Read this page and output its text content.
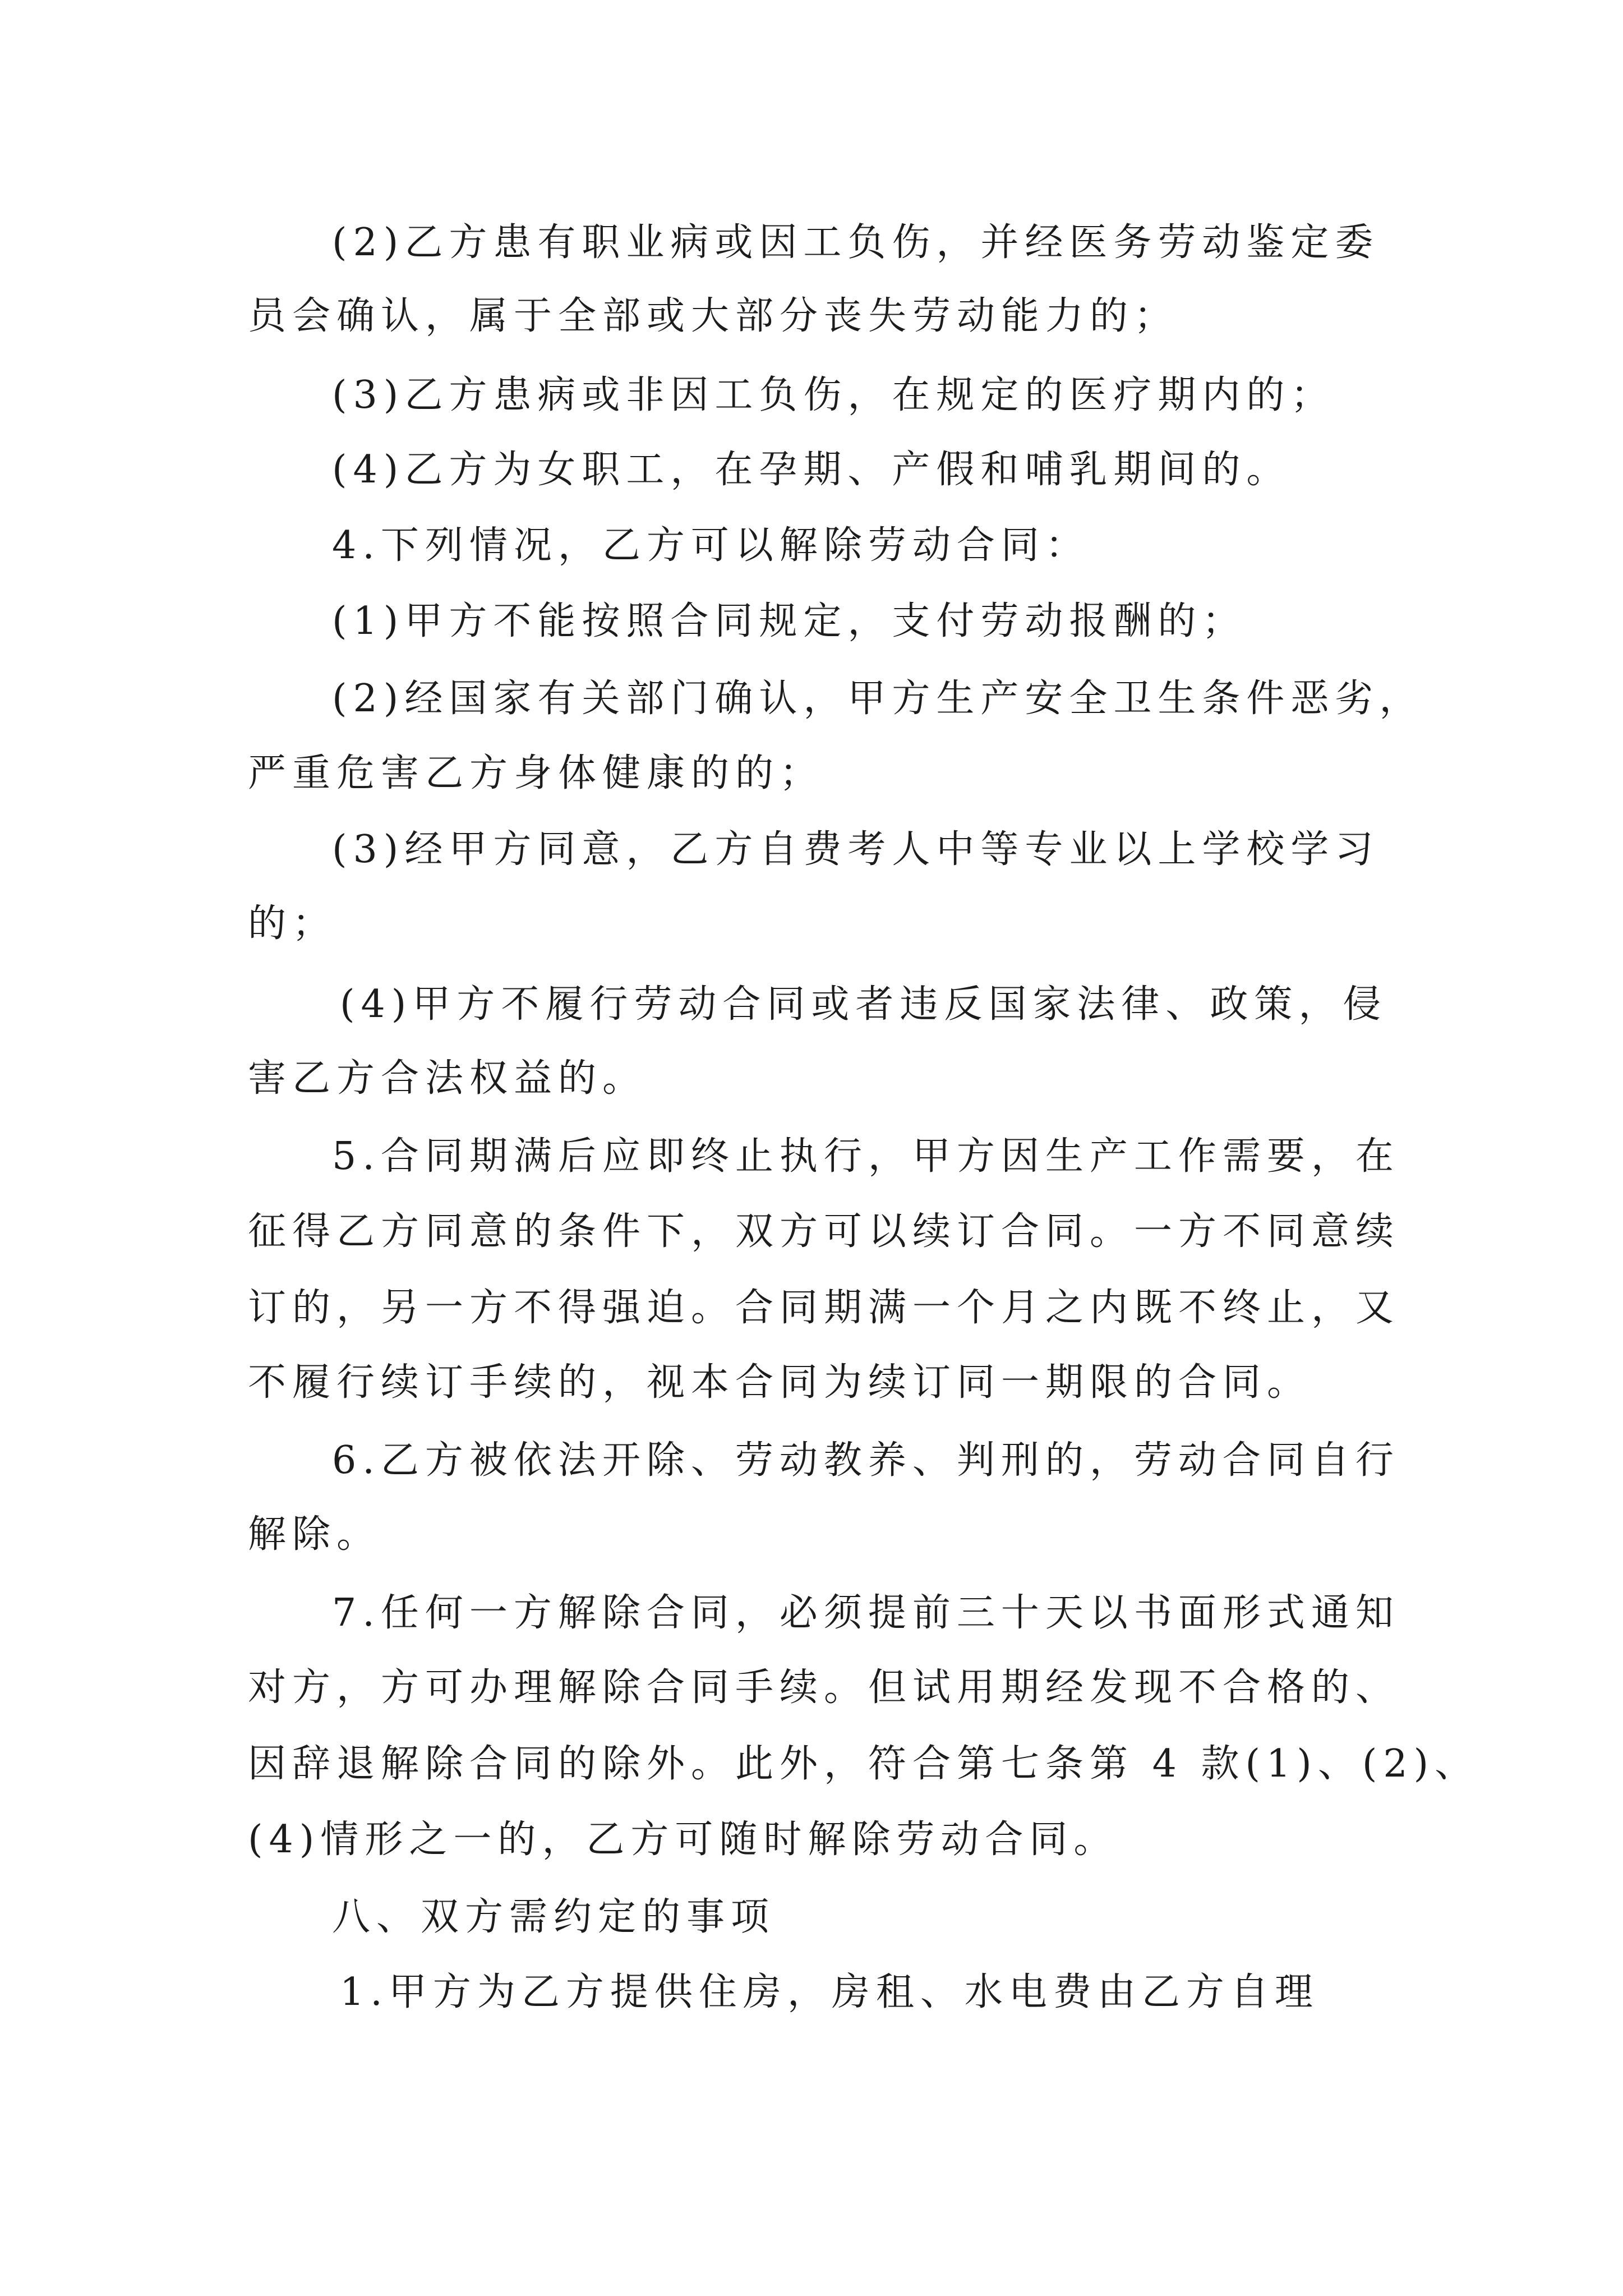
(2)乙方患有职业病或因工负伤，并经医务劳动鉴定委

员会确认，属于全部或大部分丧失劳动能力的；

(3)乙方患病或非因工负伤，在规定的医疗期内的；

(4)乙方为女职工，在孕期、产假和哺乳期间的。

4.下列情况，乙方可以解除劳动合同：

(1)甲方不能按照合同规定，支付劳动报酬的；

(2)经国家有关部门确认，甲方生产安全卫生条件恶劣，

严重危害乙方身体健康的的；

(3)经甲方同意，乙方自费考人中等专业以上学校学习

的；

(4)甲方不履行劳动合同或者违反国家法律、政策，侵

害乙方合法权益的。

5.合同期满后应即终止执行，甲方因生产工作需要，在

征得乙方同意的条件下，双方可以续订合同。一方不同意续

订的，另一方不得强迫。合同期满一个月之内既不终止，又

不履行续订手续的，视本合同为续订同一期限的合同。

6.乙方被依法开除、劳动教养、判刑的，劳动合同自行

解除。

7.任何一方解除合同，必须提前三十天以书面形式通知

对方，方可办理解除合同手续。但试用期经发现不合格的、

因辞退解除合同的除外。此外，符合第七条第 4 款(1)、(2)、

(4)情形之一的，乙方可随时解除劳动合同。

八、双方需约定的事项

1.甲方为乙方提供住房，房租、水电费由乙方自理
